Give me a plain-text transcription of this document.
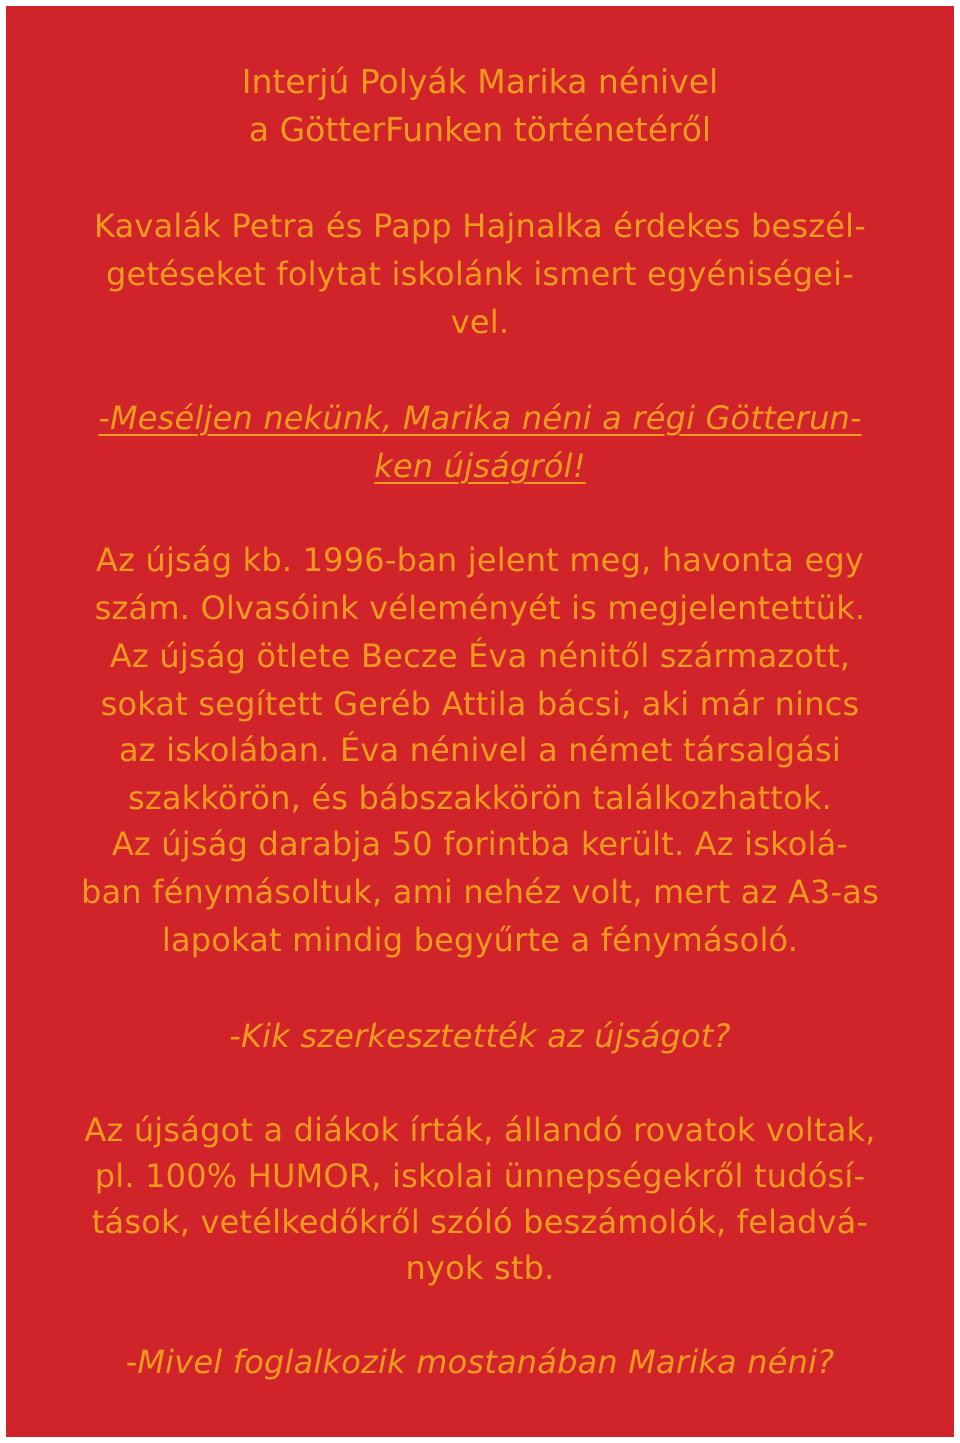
Interjú Polyák Marika nénivel
a GötterFunken történetéről
Kavalák Petra és Papp Hajnalka érdekes beszél-
getéseket folytat iskolánk ismert egyéniségei-
vel.
-Meséljen nekünk, Marika néni a régi Götterun-
ken újságról!
Az újság kb. 1996-ban jelent meg, havonta egy
szám. Olvasóink véleményét is megjelentettük.
Az újság ötlete Becze Éva nénitől származott,
sokat segített Geréb Attila bácsi, aki már nincs
az iskolában. Éva nénivel a német társalgási
szakkörön, és bábszakkörön találkozhattok.
Az újság darabja 50 forintba került. Az iskolá-
ban fénymásoltuk, ami nehéz volt, mert az A3-as
lapokat mindig begyűrte a fénymásoló.
-Kik szerkesztették az újságot?
Az újságot a diákok írták, állandó rovatok voltak,
pl. 100% HUMOR, iskolai ünnepségekről tudósí-
tások, vetélkedőkről szóló beszámolók, feladvá-
nyok stb.
-Mivel foglalkozik mostanában Marika néni?
